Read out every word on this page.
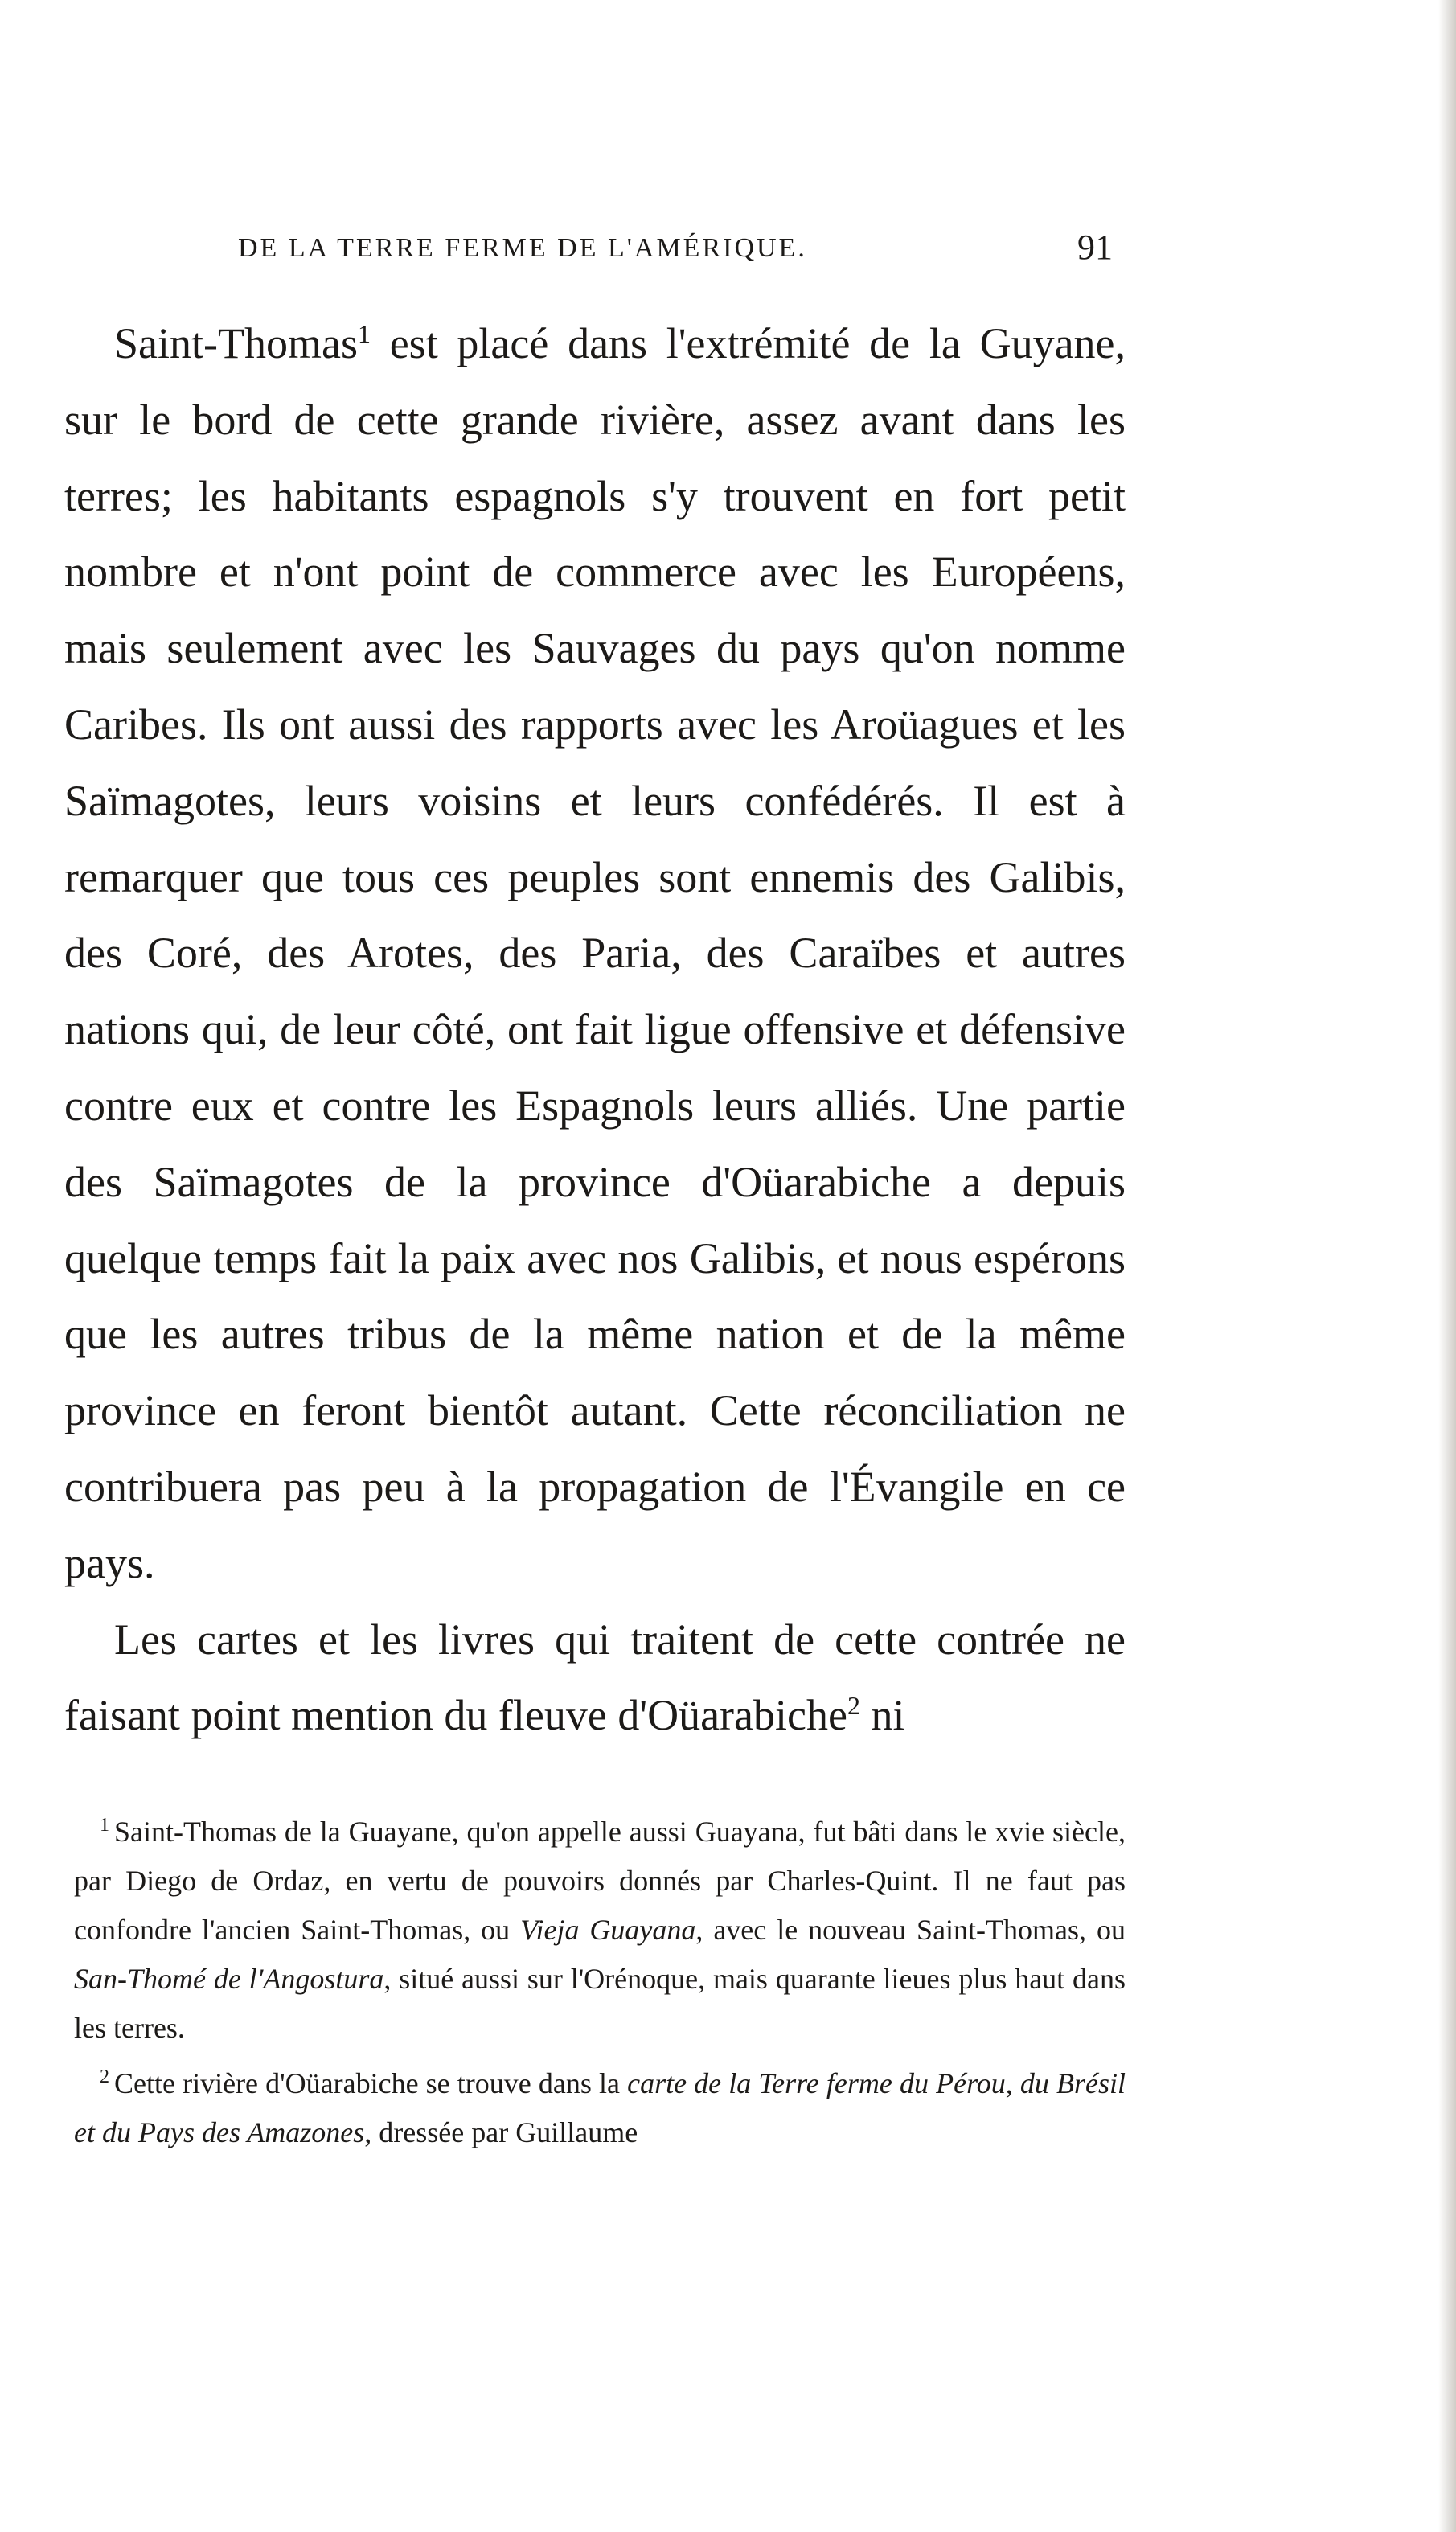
DE LA TERRE FERME DE L'AMÉRIQUE.	91

Saint-Thomas$^1$ est placé dans l'extrémité de la Guyane, sur le bord de cette grande rivière, assez avant dans les terres; les habitants espagnols s'y trouvent en fort petit nombre et n'ont point de commerce avec les Européens, mais seulement avec les Sauvages du pays qu'on nomme Caribes. Ils ont aussi des rapports avec les Aroüagues et les Saïmagotes, leurs voisins et leurs confédérés. Il est à remarquer que tous ces peuples sont ennemis des Galibis, des Coré, des Arotes, des Paria, des Caraïbes et autres nations qui, de leur côté, ont fait ligue offensive et défensive contre eux et contre les Espagnols leurs alliés. Une partie des Saïmagotes de la province d'Oüarabiche a depuis quelque temps fait la paix avec nos Galibis, et nous espérons que les autres tribus de la même nation et de la même province en feront bientôt autant. Cette réconciliation ne contribuera pas peu à la propagation de l'Évangile en ce pays.

Les cartes et les livres qui traitent de cette contrée ne faisant point mention du fleuve d'Oüarabiche$^2$ ni

$^1$ Saint-Thomas de la Guayane, qu'on appelle aussi Guayana, fut bâti dans le xvie siècle, par Diego de Ordaz, en vertu de pouvoirs donnés par Charles-Quint. Il ne faut pas confondre l'ancien Saint-Thomas, ou Vieja Guayana, avec le nouveau Saint-Thomas, ou San-Thomé de l'Angostura, situé aussi sur l'Orénoque, mais quarante lieues plus haut dans les terres.

$^2$ Cette rivière d'Oüarabiche se trouve dans la carte de la Terre ferme du Pérou, du Brésil et du Pays des Amazones, dressée par Guillaume
